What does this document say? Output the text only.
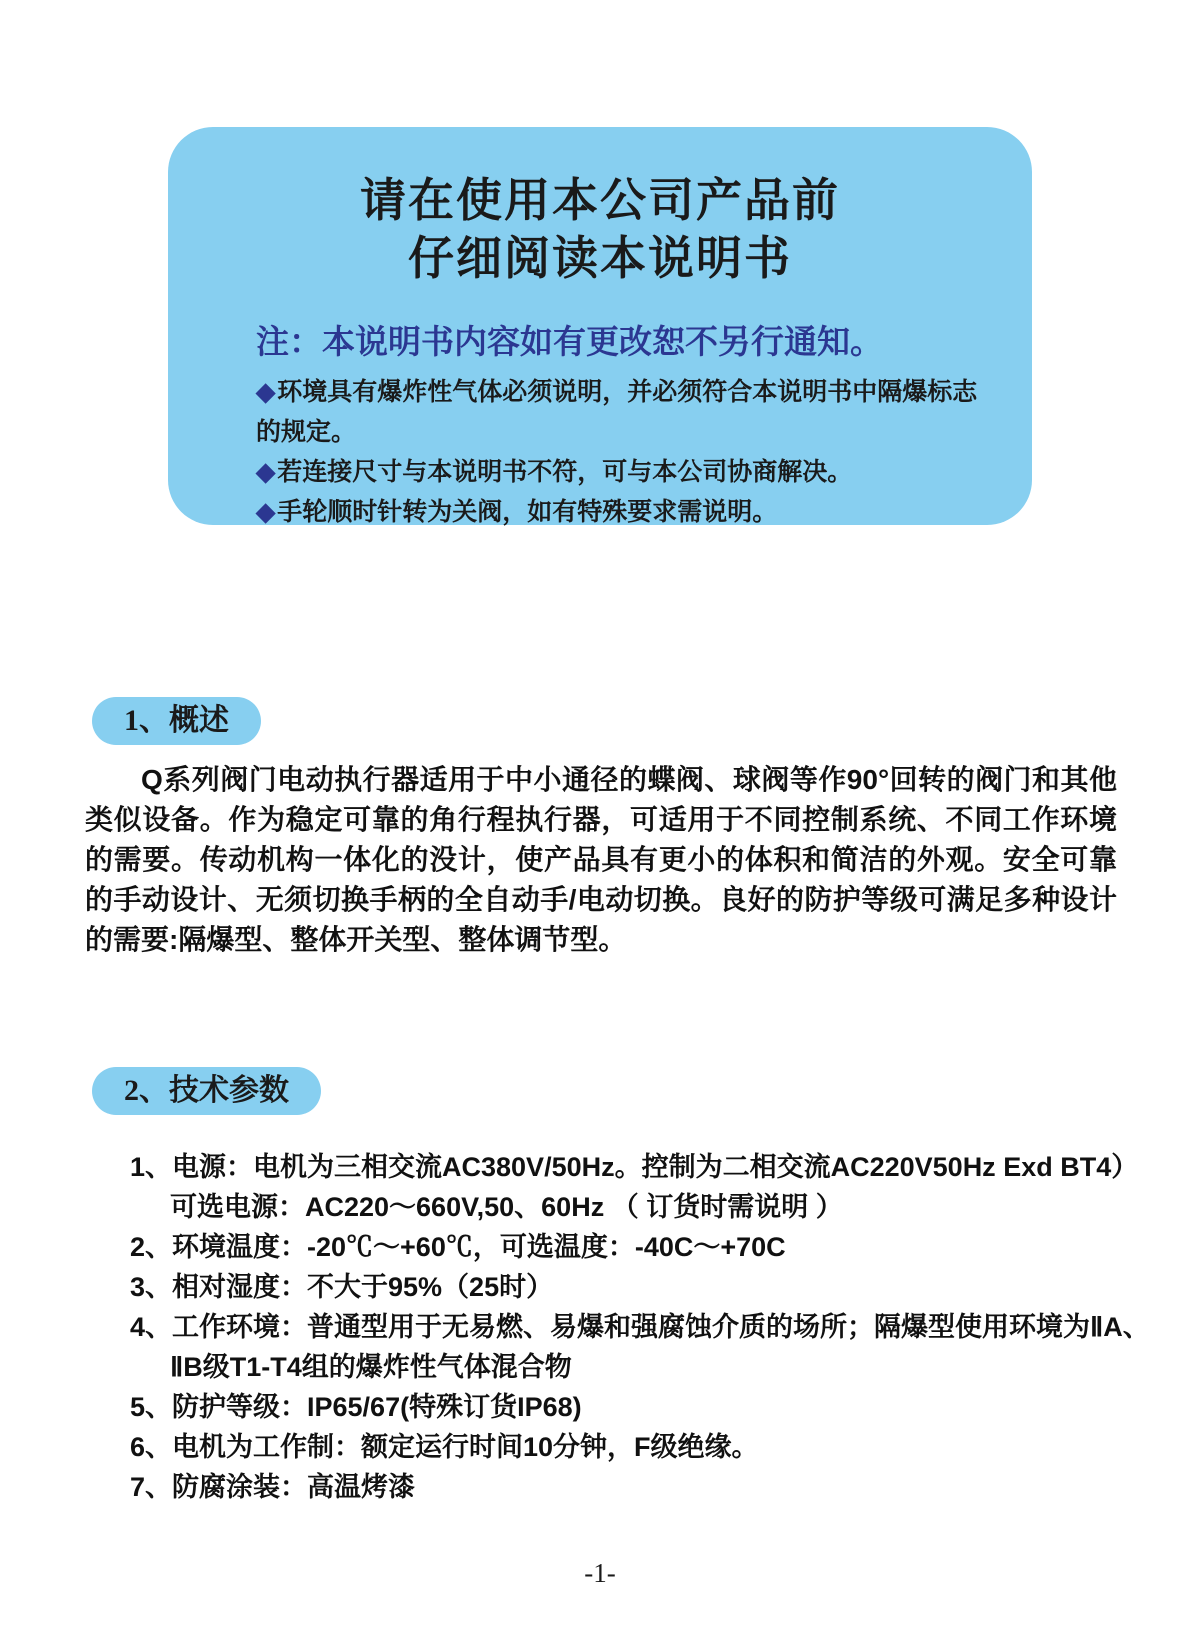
请在使用本公司产品前
仔细阅读本说明书
注：本说明书内容如有更改恕不另行通知。
◆环境具有爆炸性气体必须说明，并必须符合本说明书中隔爆标志的规定。
◆若连接尺寸与本说明书不符，可与本公司协商解决。
◆手轮顺时针转为关阀，如有特殊要求需说明。
1、概述
Q系列阀门电动执行器适用于中小通径的蝶阀、球阀等作90°回转的阀门和其他类似设备。作为稳定可靠的角行程执行器，可适用于不同控制系统、不同工作环境的需要。传动机构一体化的没计，使产品具有更小的体积和简洁的外观。安全可靠的手动设计、无须切换手柄的全自动手/电动切换。良好的防护等级可满足多种设计的需要:隔爆型、整体开关型、整体调节型。
2、技术参数
1、电源：电机为三相交流AC380V/50Hz。控制为二相交流AC220V50Hz Exd BT4）
可选电源：AC220～660V,50、60Hz （ 订货时需说明 ）
2、环境温度：-20℃～+60℃，可选温度：-40C～+70C
3、相对湿度：不大于95%（25时）
4、工作环境：普通型用于无易燃、易爆和强腐蚀介质的场所；隔爆型使用环境为ⅡA、
ⅡB级T1-T4组的爆炸性气体混合物
5、防护等级：IP65/67(特殊订货IP68)
6、电机为工作制：额定运行时间10分钟，F级绝缘。
7、防腐涂装：高温烤漆
-1-
